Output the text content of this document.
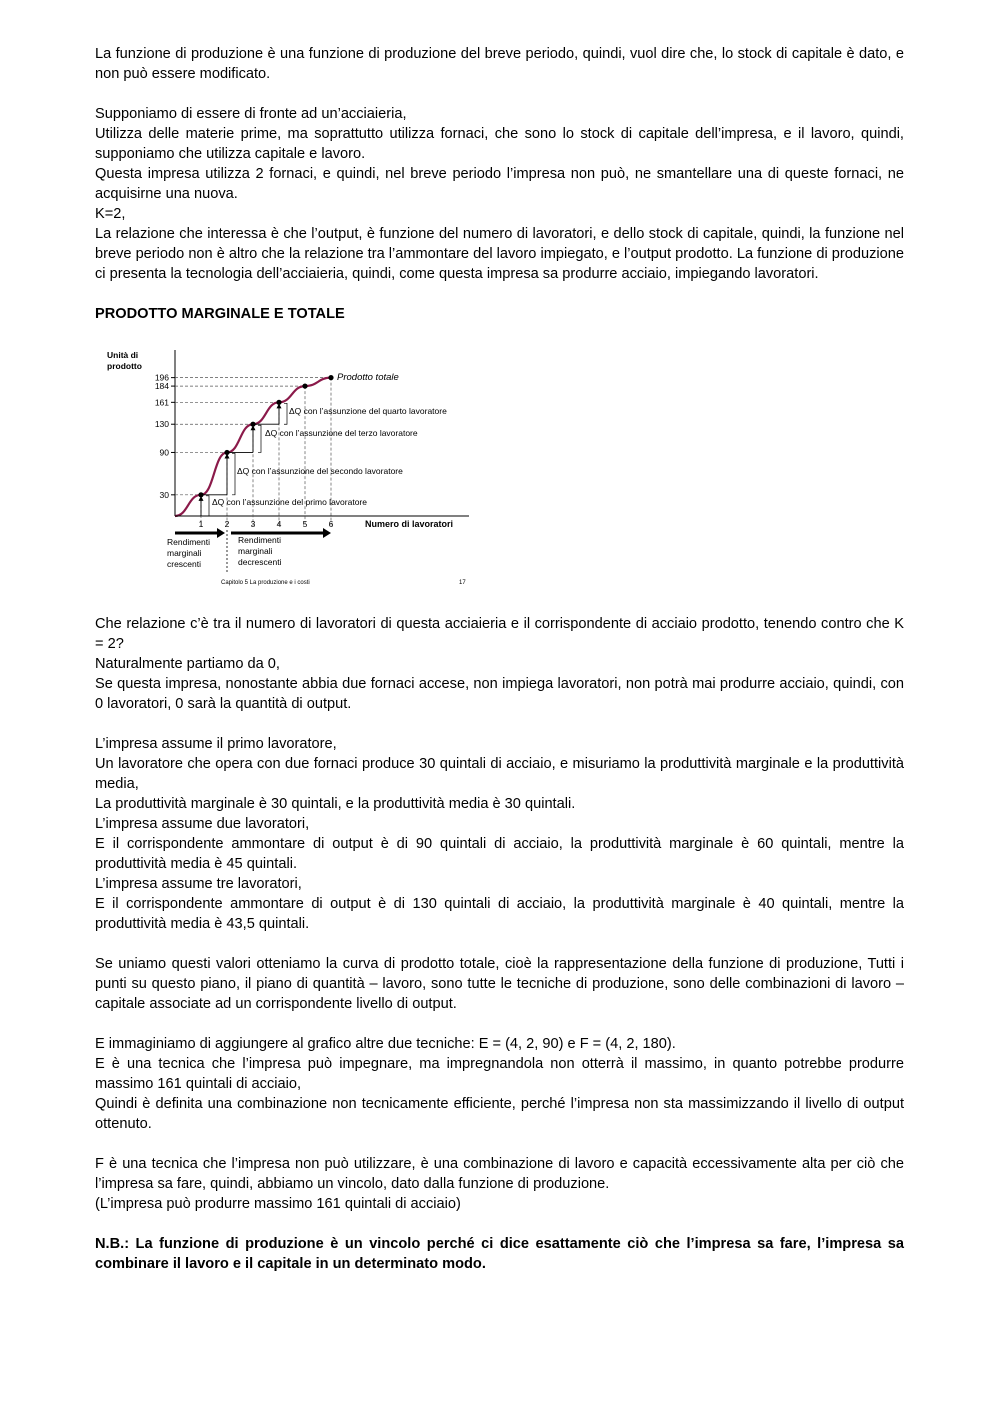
La funzione di produzione è una funzione di produzione del breve periodo, quindi, vuol dire che, lo stock di capitale è dato, e non può essere modificato.

Supponiamo di essere di fronte ad un’acciaieria,

Utilizza delle materie prime, ma soprattutto utilizza fornaci, che sono lo stock di capitale dell’impresa, e il lavoro, quindi, supponiamo che utilizza capitale e lavoro.

Questa impresa utilizza 2 fornaci, e quindi, nel breve periodo l’impresa non può, ne smantellare una di queste fornaci, ne acquisirne una nuova.

K=2,

La relazione che interessa è che l’output, è funzione del numero di lavoratori, e dello stock di capitale, quindi, la funzione nel breve periodo non è altro che la relazione tra l’ammontare del lavoro impiegato, e l’output prodotto. La funzione di produzione ci presenta la tecnologia dell’acciaieria, quindi, come questa impresa sa produrre acciaio, impiegando lavoratori.

PRODOTTO MARGINALE E TOTALE

Unità di
prodotto
30
90
130
161
184
196
1	2	3	4	5	6	Numero di lavoratori
Prodotto totale
ΔQ con l’assunzione del primo lavoratore
ΔQ con l’assunzione del secondo lavoratore
ΔQ con l’assunzione del terzo lavoratore
ΔQ con l’assunzione del quarto lavoratore
Rendimenti
marginali
crescenti
Rendimenti
marginali
decrescenti
Capitolo 5 La produzione e i costi	17

Che relazione c’è tra il numero di lavoratori di questa acciaieria e il corrispondente di acciaio prodotto, tenendo contro che K = 2?

Naturalmente partiamo da 0,

Se questa impresa, nonostante abbia due fornaci accese, non impiega lavoratori, non potrà mai produrre acciaio, quindi, con 0 lavoratori, 0 sarà la quantità di output.

L’impresa assume il primo lavoratore,

Un lavoratore che opera con due fornaci produce 30 quintali di acciaio, e misuriamo la produttività marginale e la produttività media,

La produttività marginale è 30 quintali, e la produttività media è 30 quintali.

L’impresa assume due lavoratori,

E il corrispondente ammontare di output è di 90 quintali di acciaio, la produttività marginale è 60 quintali, mentre la produttività media è 45 quintali.

L’impresa assume tre lavoratori,

E il corrispondente ammontare di output è di 130 quintali di acciaio, la produttività marginale è 40 quintali, mentre la produttività media è 43,5 quintali.

Se uniamo questi valori otteniamo la curva di prodotto totale, cioè la rappresentazione della funzione di produzione, Tutti i punti su questo piano, il piano di quantità – lavoro, sono tutte le tecniche di produzione, sono delle combinazioni di lavoro – capitale associate ad un corrispondente livello di output.

E immaginiamo di aggiungere al grafico altre due tecniche: E = (4, 2, 90) e F = (4, 2, 180).

E è una tecnica che l’impresa può impegnare, ma impregnandola non otterrà il massimo, in quanto potrebbe produrre massimo 161 quintali di acciaio,

Quindi è definita una combinazione non tecnicamente efficiente, perché l’impresa non sta massimizzando il livello di output ottenuto.

F è una tecnica che l’impresa non può utilizzare, è una combinazione di lavoro e capacità eccessivamente alta per ciò che l’impresa sa fare, quindi, abbiamo un vincolo, dato dalla funzione di produzione.

(L’impresa può produrre massimo 161 quintali di acciaio)

N.B.: La funzione di produzione è un vincolo perché ci dice esattamente ciò che l’impresa sa fare, l’impresa sa combinare il lavoro e il capitale in un determinato modo.
